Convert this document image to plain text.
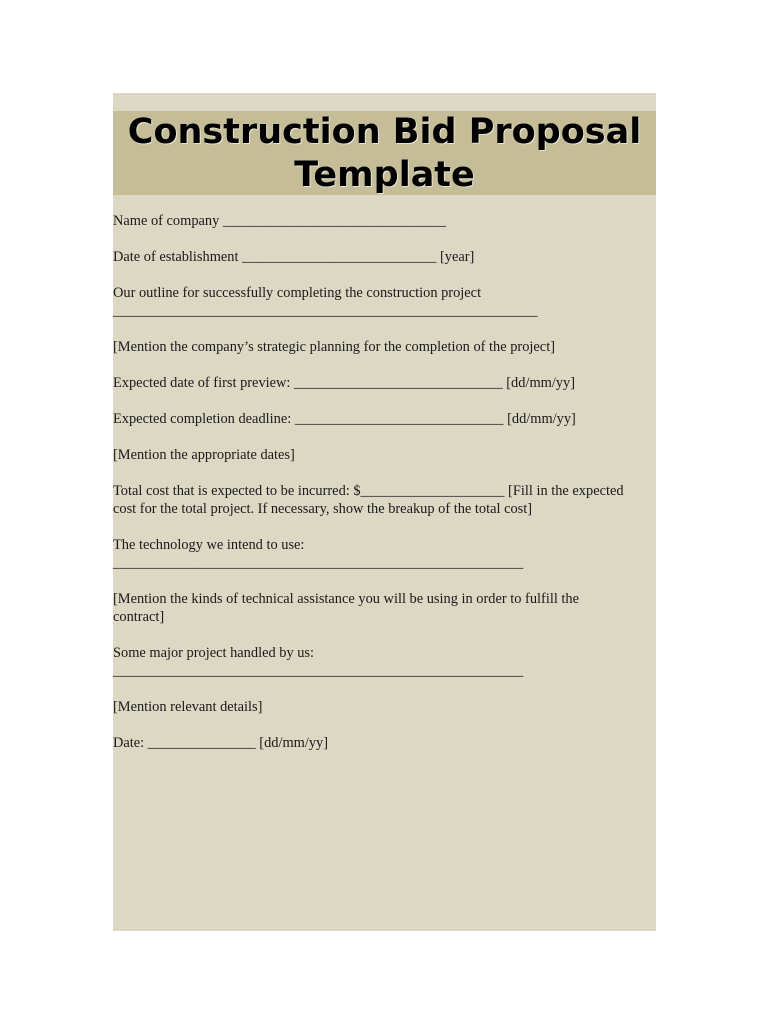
Construction Bid Proposal
Template

Name of company _______________________________

Date of establishment ___________________________ [year]

Our outline for successfully completing the construction project
___________________________________________________________

[Mention the company’s strategic planning for the completion of the project]

Expected date of first preview: _____________________________ [dd/mm/yy]

Expected completion deadline: _____________________________ [dd/mm/yy]

[Mention the appropriate dates]

Total cost that is expected to be incurred: $____________________ [Fill in the expected
cost for the total project. If necessary, show the breakup of the total cost]

The technology we intend to use:
_________________________________________________________

[Mention the kinds of technical assistance you will be using in order to fulfill the
contract]

Some major project handled by us:
_________________________________________________________

[Mention relevant details]

Date: _______________ [dd/mm/yy]
